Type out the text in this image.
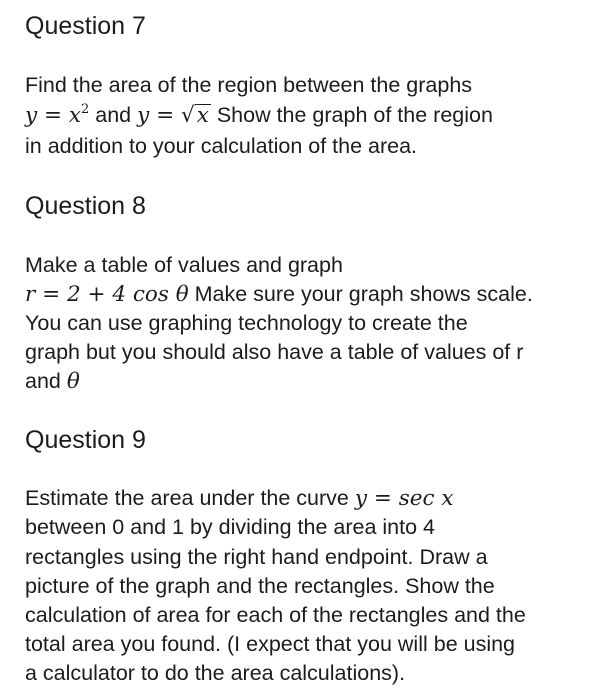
Question 7
Find the area of the region between the graphs
$y = x^2$ and y = √x Show the graph of the region
in addition to your calculation of the area.
Question 8
Make a table of values and graph
r = 2 + 4 cos θ Make sure your graph shows scale.
You can use graphing technology to create the
graph but you should also have a table of values of r
and θ
Question 9
Estimate the area under the curve y = sec x
between 0 and 1 by dividing the area into 4
rectangles using the right hand endpoint. Draw a
picture of the graph and the rectangles. Show the
calculation of area for each of the rectangles and the
total area you found. (I expect that you will be using
a calculator to do the area calculations).
